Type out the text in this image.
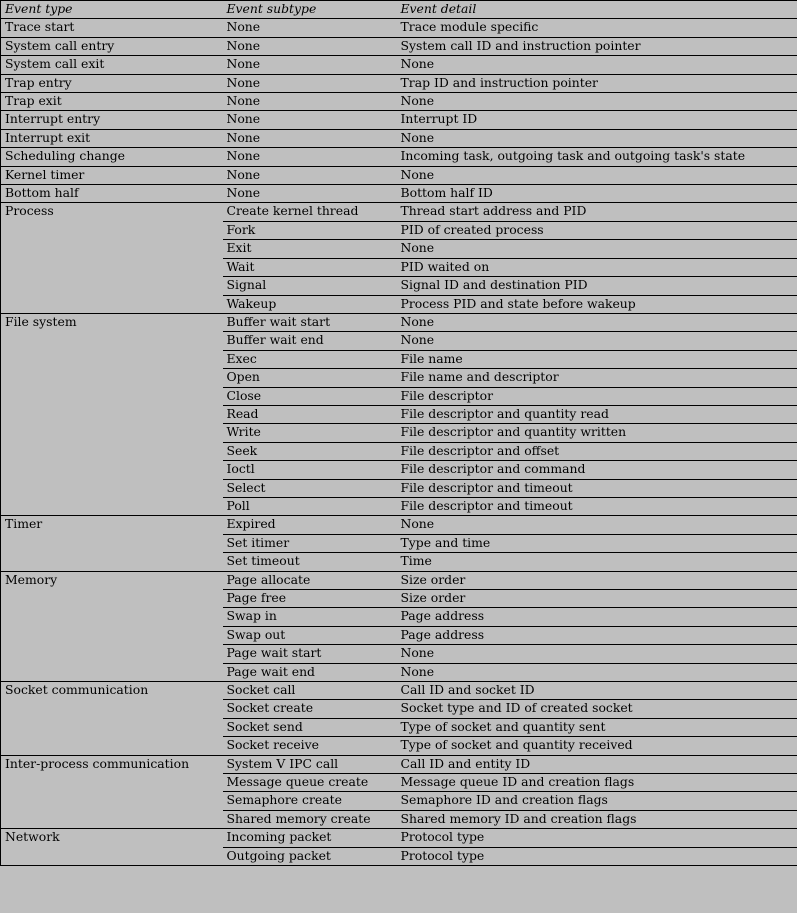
Event type	Event subtype	Event detail
Trace start	None	Trace module specific
System call entry	None	System call ID and instruction pointer
System call exit	None	None
Trap entry	None	Trap ID and instruction pointer
Trap exit	None	None
Interrupt entry	None	Interrupt ID
Interrupt exit	None	None
Scheduling change	None	Incoming task, outgoing task and outgoing task's state
Kernel timer	None	None
Bottom half	None	Bottom half ID
Process	Create kernel thread	Thread start address and PID
	Fork	PID of created process
	Exit	None
	Wait	PID waited on
	Signal	Signal ID and destination PID
	Wakeup	Process PID and state before wakeup
File system	Buffer wait start	None
	Buffer wait end	None
	Exec	File name
	Open	File name and descriptor
	Close	File descriptor
	Read	File descriptor and quantity read
	Write	File descriptor and quantity written
	Seek	File descriptor and offset
	Ioctl	File descriptor and command
	Select	File descriptor and timeout
	Poll	File descriptor and timeout
Timer	Expired	None
	Set itimer	Type and time
	Set timeout	Time
Memory	Page allocate	Size order
	Page free	Size order
	Swap in	Page address
	Swap out	Page address
	Page wait start	None
	Page wait end	None
Socket communication	Socket call	Call ID and socket ID
	Socket create	Socket type and ID of created socket
	Socket send	Type of socket and quantity sent
	Socket receive	Type of socket and quantity received
Inter-process communication	System V IPC call	Call ID and entity ID
	Message queue create	Message queue ID and creation flags
	Semaphore create	Semaphore ID and creation flags
	Shared memory create	Shared memory ID and creation flags
Network	Incoming packet	Protocol type
	Outgoing packet	Protocol type
